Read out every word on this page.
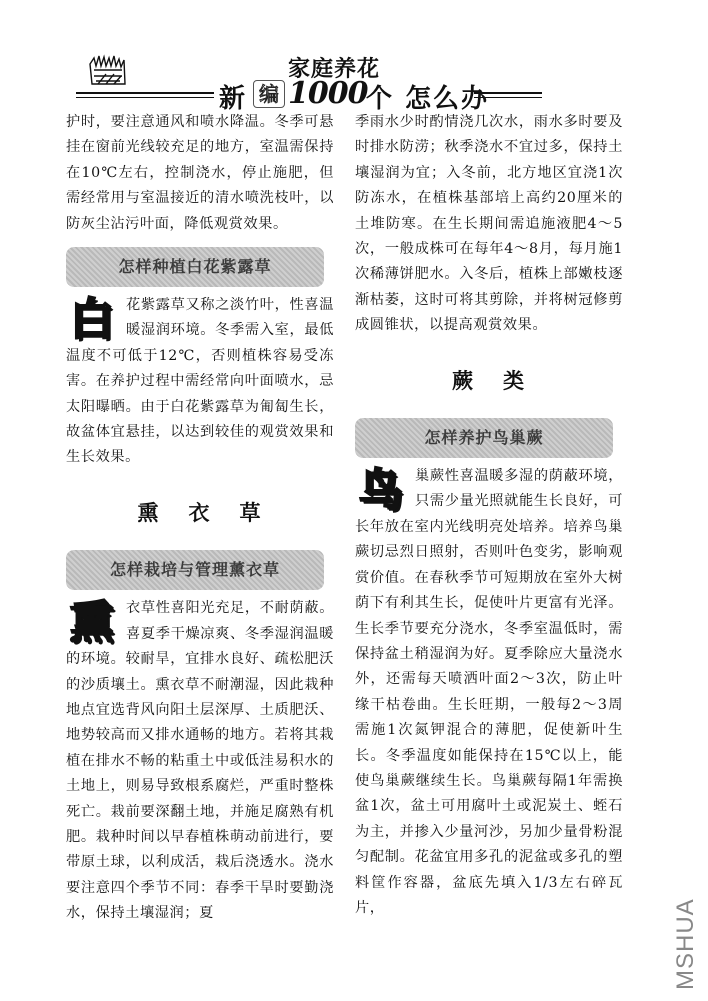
新 编
家庭养花
1000
个 怎么办

护时，要注意通风和喷水降温。冬季可悬挂在窗前光线较充足的地方，室温需保持在10℃左右，控制浇水，停止施肥，但需经常用与室温接近的清水喷洗枝叶，以防灰尘沾污叶面，降低观赏效果。

怎样种植白花紫露草

白 花紫露草又称之淡竹叶，性喜温暖湿润环境。冬季需入室，最低温度不可低于12℃，否则植株容易受冻害。在养护过程中需经常向叶面喷水，忌太阳曝晒。由于白花紫露草为匍匐生长，故盆体宜悬挂，以达到较佳的观赏效果和生长效果。

熏衣草
怎样栽培与管理薰衣草

熏 衣草性喜阳光充足，不耐荫蔽。喜夏季干燥凉爽、冬季湿润温暖的环境。较耐旱，宜排水良好、疏松肥沃的沙质壤土。熏衣草不耐潮湿，因此栽种地点宜选背风向阳土层深厚、土质肥沃、地势较高而又排水通畅的地方。若将其栽植在排水不畅的粘重土中或低洼易积水的土地上，则易导致根系腐烂，严重时整株死亡。栽前要深翻土地，并施足腐熟有机肥。栽种时间以早春植株萌动前进行，要带原土球，以利成活，栽后浇透水。浇水要注意四个季节不同：春季干旱时要勤浇水，保持土壤湿润；夏

季雨水少时酌情浇几次水，雨水多时要及时排水防涝；秋季浇水不宜过多，保持土壤湿润为宜；入冬前，北方地区宜浇1次防冻水，在植株基部培上高约20厘米的土堆防寒。在生长期间需追施液肥4～5次，一般成株可在每年4～8月，每月施1次稀薄饼肥水。入冬后，植株上部嫩枝逐渐枯萎，这时可将其剪除，并将树冠修剪成圆锥状，以提高观赏效果。

蕨类
怎样养护鸟巢蕨

鸟 巢蕨性喜温暖多湿的荫蔽环境，只需少量光照就能生长良好，可长年放在室内光线明亮处培养。培养鸟巢蕨切忌烈日照射，否则叶色变劣，影响观赏价值。在春秋季节可短期放在室外大树荫下有利其生长，促使叶片更富有光泽。生长季节要充分浇水，冬季室温低时，需保持盆土稍湿润为好。夏季除应大量浇水外，还需每天喷洒叶面2～3次，防止叶缘干枯卷曲。生长旺期，一般每2～3周需施1次氮钾混合的薄肥，促使新叶生长。冬季温度如能保持在15℃以上，能使鸟巢蕨继续生长。鸟巢蕨每隔1年需换盆1次，盆土可用腐叶土或泥炭土、蛭石为主，并掺入少量河沙，另加少量骨粉混匀配制。花盆宜用多孔的泥盆或多孔的塑料筐作容器，盆底先填入1/3左右碎瓦片，	MSHUA
